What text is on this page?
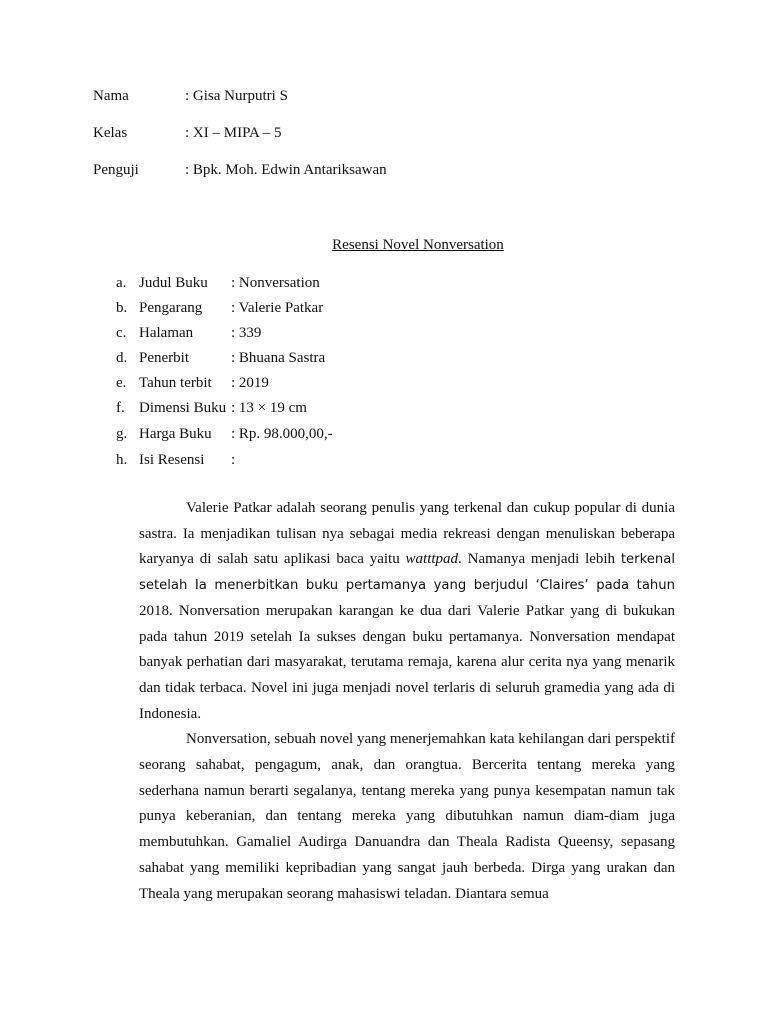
Nama	: Gisa Nurputri S
Kelas	: XI – MIPA – 5
Penguji	: Bpk. Moh. Edwin Antariksawan
Resensi Novel Nonversation
a. Judul Buku : Nonversation
b. Pengarang : Valerie Patkar
c. Halaman	: 339
d. Penerbit	: Bhuana Sastra
e. Tahun terbit : 2019
f. Dimensi Buku : 13 × 19 cm
g. Harga Buku : Rp. 98.000,00,-
h. Isi Resensi :

Valerie Patkar adalah seorang penulis yang terkenal dan cukup popular di dunia sastra. Ia menjadikan tulisan nya sebagai media rekreasi dengan menuliskan beberapa karyanya di salah satu aplikasi baca yaitu watttpad. Namanya menjadi lebih terkenal setelah Ia menerbitkan buku pertamanya yang berjudul ‘Claires’ pada tahun 2018. Nonversation merupakan karangan ke dua dari Valerie Patkar yang di bukukan pada tahun 2019 setelah Ia sukses dengan buku pertamanya. Nonversation mendapat banyak perhatian dari masyarakat, terutama remaja, karena alur cerita nya yang menarik dan tidak terbaca. Novel ini juga menjadi novel terlaris di seluruh gramedia yang ada di Indonesia.

Nonversation, sebuah novel yang menerjemahkan kata kehilangan dari perspektif seorang sahabat, pengagum, anak, dan orangtua. Bercerita tentang mereka yang sederhana namun berarti segalanya, tentang mereka yang punya kesempatan namun tak punya keberanian, dan tentang mereka yang dibutuhkan namun diam-diam juga membutuhkan. Gamaliel Audirga Danuandra dan Theala Radista Queensy, sepasang sahabat yang memiliki kepribadian yang sangat jauh berbeda. Dirga yang urakan dan Theala yang merupakan seorang mahasiswi teladan. Diantara semua
